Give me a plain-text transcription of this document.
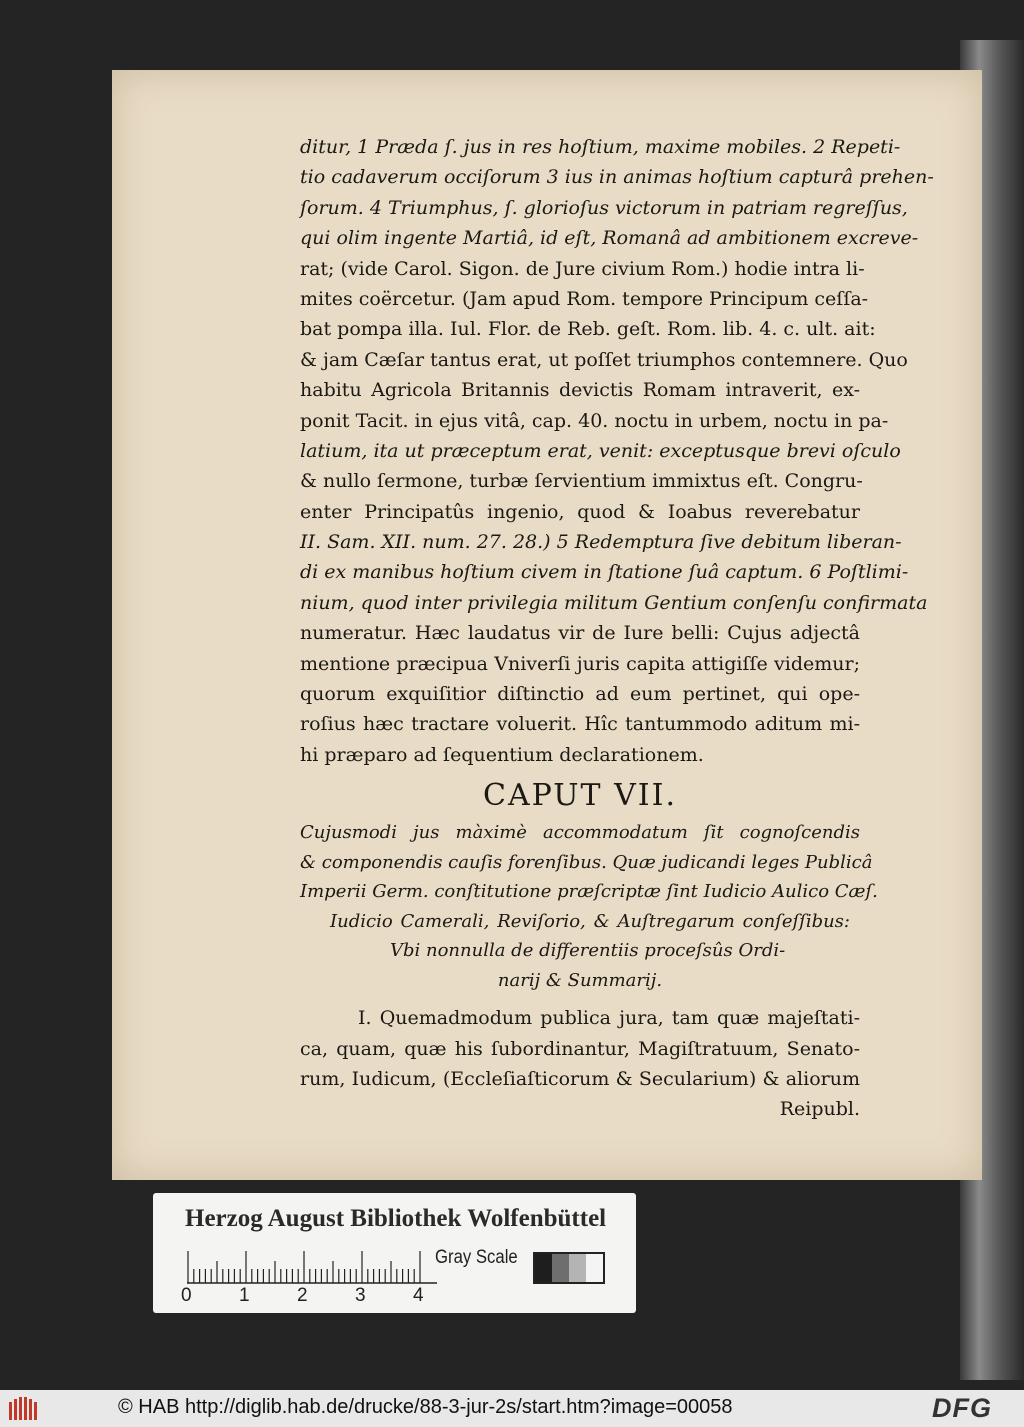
ditur, 1 Præda ſ. jus in res hoſtium, maxime mobiles. 2 Repeti-
tio cadaverum occiſorum 3 ius in animas hoſtium capturâ prehen-
ſorum. 4 Triumphus, ſ. glorioſus victorum in patriam regreſſus,
qui olim ingente Martiâ, id eſt, Romanâ ad ambitionem excreve-
rat; (vide Carol. Sigon. de Jure civium Rom.) hodie intra li-
mites coërcetur. (Jam apud Rom. tempore Principum ceſſa-
bat pompa illa. Iul. Flor. de Reb. geſt. Rom. lib. 4. c. ult. ait:
& jam Cæſar tantus erat, ut poſſet triumphos contemnere. Quo
habitu Agricola Britannis devictis Romam intraverit, ex-
ponit Tacit. in ejus vitâ, cap. 40. noctu in urbem, noctu in pa-
latium, ita ut præceptum erat, venit: exceptusque brevi oſculo
& nullo ſermone, turbæ ſervientium immixtus eſt. Congru-
enter Principatûs ingenio, quod & Ioabus reverebatur
II. Sam. XII. num. 27. 28.) 5 Redemptura ſive debitum liberan-
di ex manibus hoſtium civem in ſtatione ſuâ captum. 6 Poſtlimi-
nium, quod inter privilegia militum Gentium conſenſu confirmata
numeratur. Hæc laudatus vir de Iure belli: Cujus adjectâ
mentione præcipua Vniverſi juris capita attigiſſe videmur;
quorum exquiſitior diſtinctio ad eum pertinet, qui ope-
roſius hæc tractare voluerit. Hîc tantummodo aditum mi-
hi præparo ad ſequentium declarationem.
CAPUT VII.
Cujusmodi jus màximè accommodatum ſit cognoſcendis
& componendis cauſis forenſibus. Quæ judicandi leges Publicâ
Imperii Germ. conſtitutione præſcriptæ ſint Iudicio Aulico Cæſ.
Iudicio Camerali, Reviſorio, & Auſtregarum conſeſſibus:
Vbi nonnulla de differentiis proceſsûs Ordi-
narij & Summarij.
I. Quemadmodum publica jura, tam quæ majeſtati-
ca, quam, quæ his ſubordinantur, Magiſtratuum, Senato-
rum, Iudicum, (Eccleſiaſticorum & Secularium) & aliorum
Reipubl.
Herzog August Bibliothek Wolfenbüttel
0 1 2 3 4
Gray Scale
© HAB http://diglib.hab.de/drucke/88-3-jur-2s/start.htm?image=00058	DFG
